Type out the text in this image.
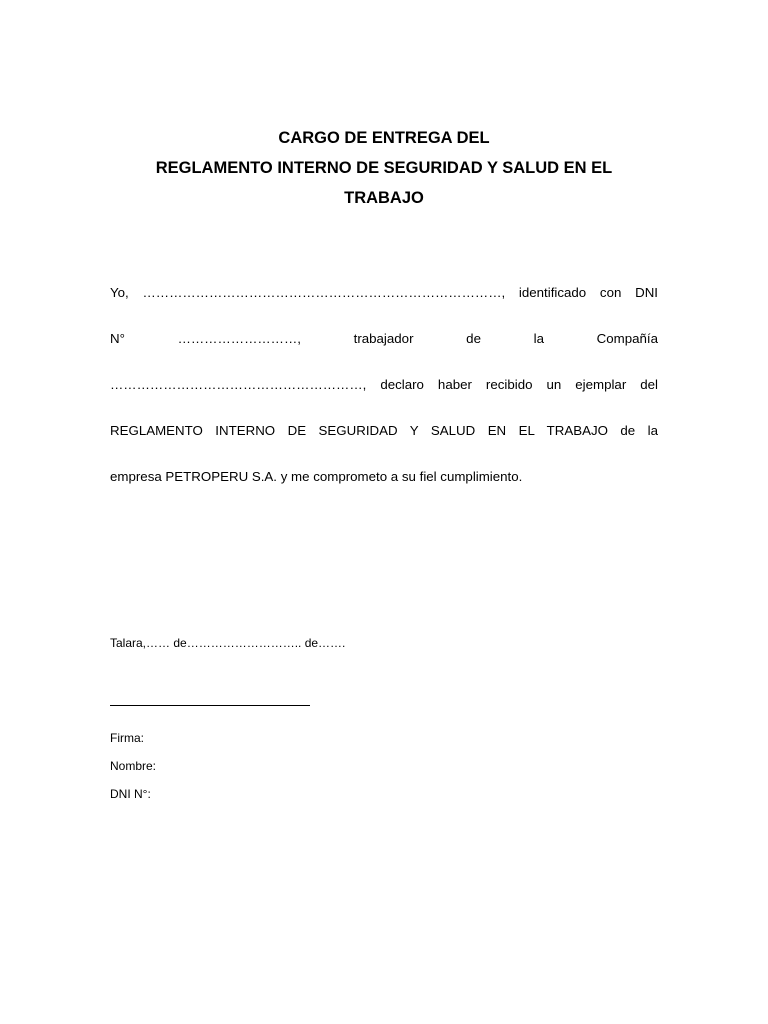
CARGO DE ENTREGA DEL
REGLAMENTO INTERNO DE SEGURIDAD Y SALUD EN EL
TRABAJO
Yo, ………………………………………………………………………, identificado con DNI
N° ………………………, trabajador de la Compañía
…………………………………………………, declaro haber recibido un ejemplar del
REGLAMENTO INTERNO DE SEGURIDAD Y SALUD EN EL TRABAJO de la
empresa PETROPERU S.A. y me comprometo a su fiel cumplimiento.
Talara,…… de……………………….. de…….
Firma:
Nombre:
DNI N°:
